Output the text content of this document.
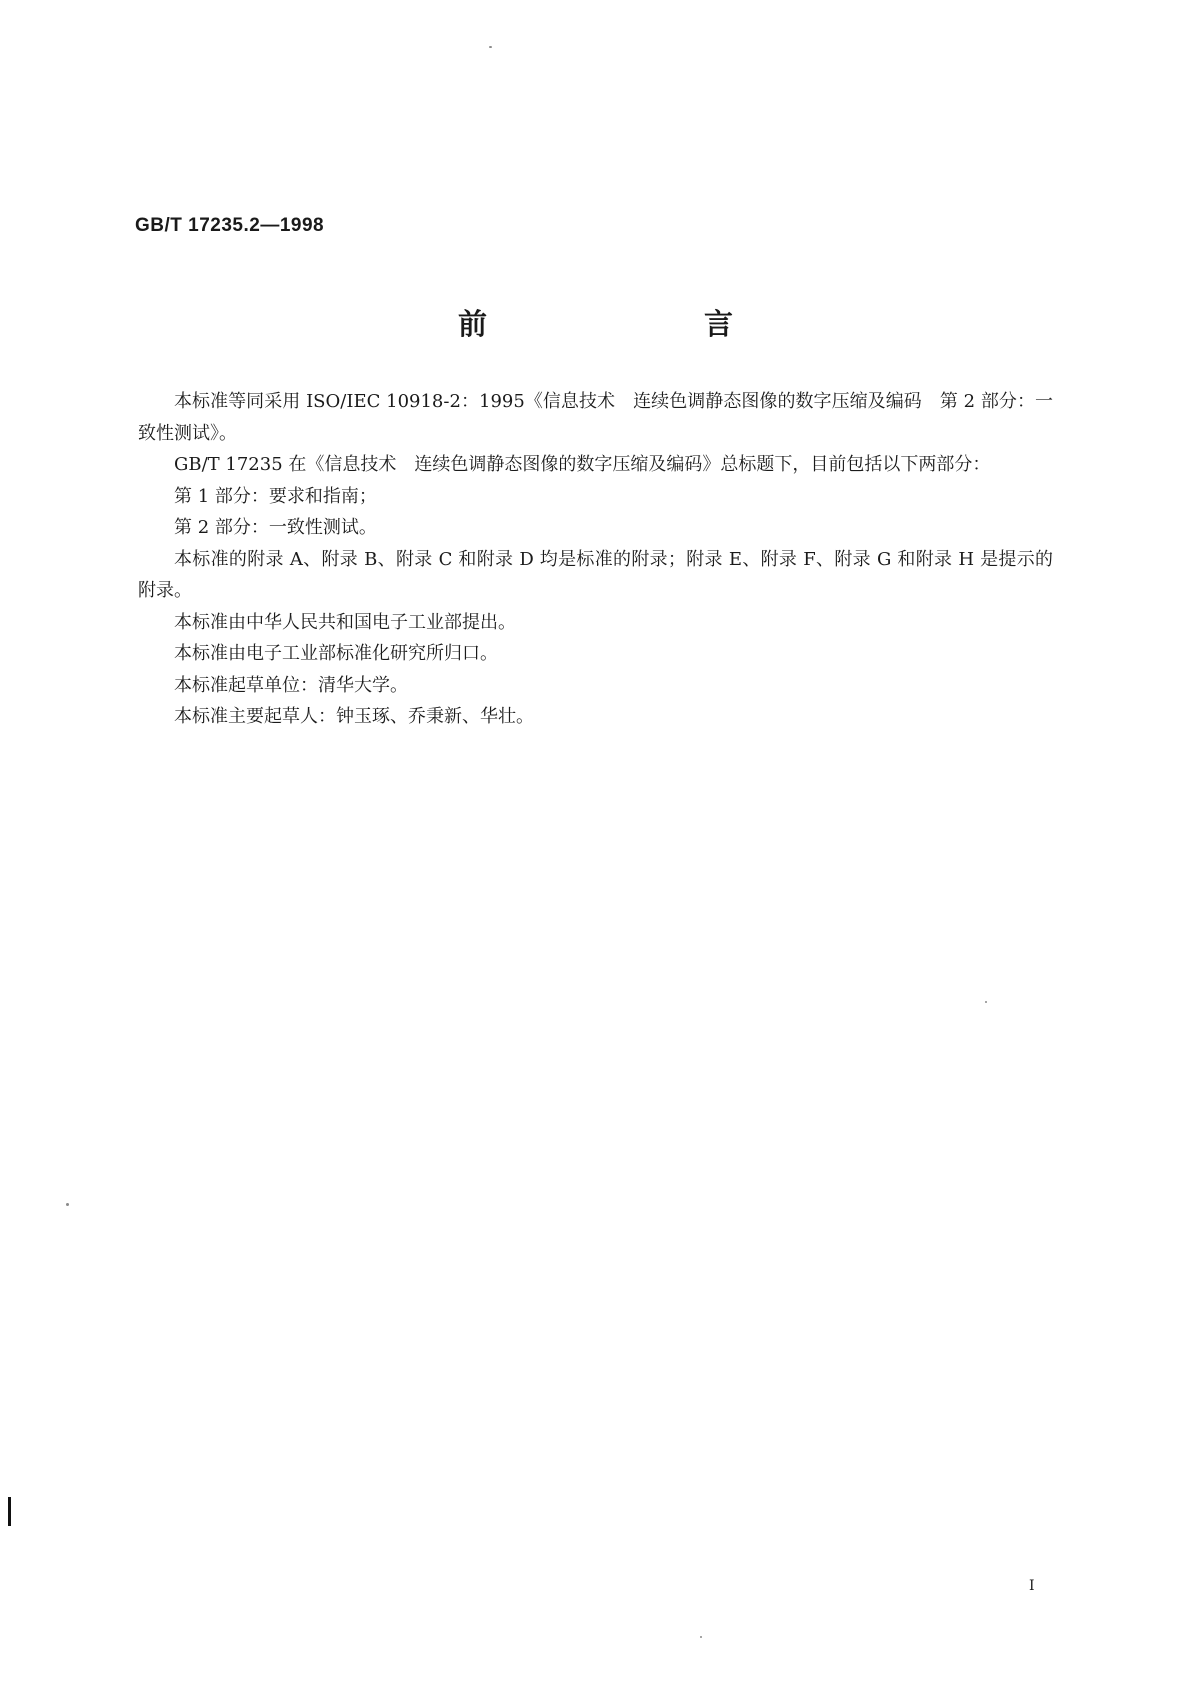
GB/T 17235.2—1998
前　言

本标准等同采用 ISO/IEC 10918-2：1995《信息技术　连续色调静态图像的数字压缩及编码　第 2 部分：一致性测试》。

GB/T 17235 在《信息技术　连续色调静态图像的数字压缩及编码》总标题下，目前包括以下两部分：

第 1 部分：要求和指南；

第 2 部分：一致性测试。

本标准的附录 A、附录 B、附录 C 和附录 D 均是标准的附录；附录 E、附录 F、附录 G 和附录 H 是提示的附录。

本标准由中华人民共和国电子工业部提出。

本标准由电子工业部标准化研究所归口。

本标准起草单位：清华大学。

本标准主要起草人：钟玉琢、乔秉新、华壮。

I
